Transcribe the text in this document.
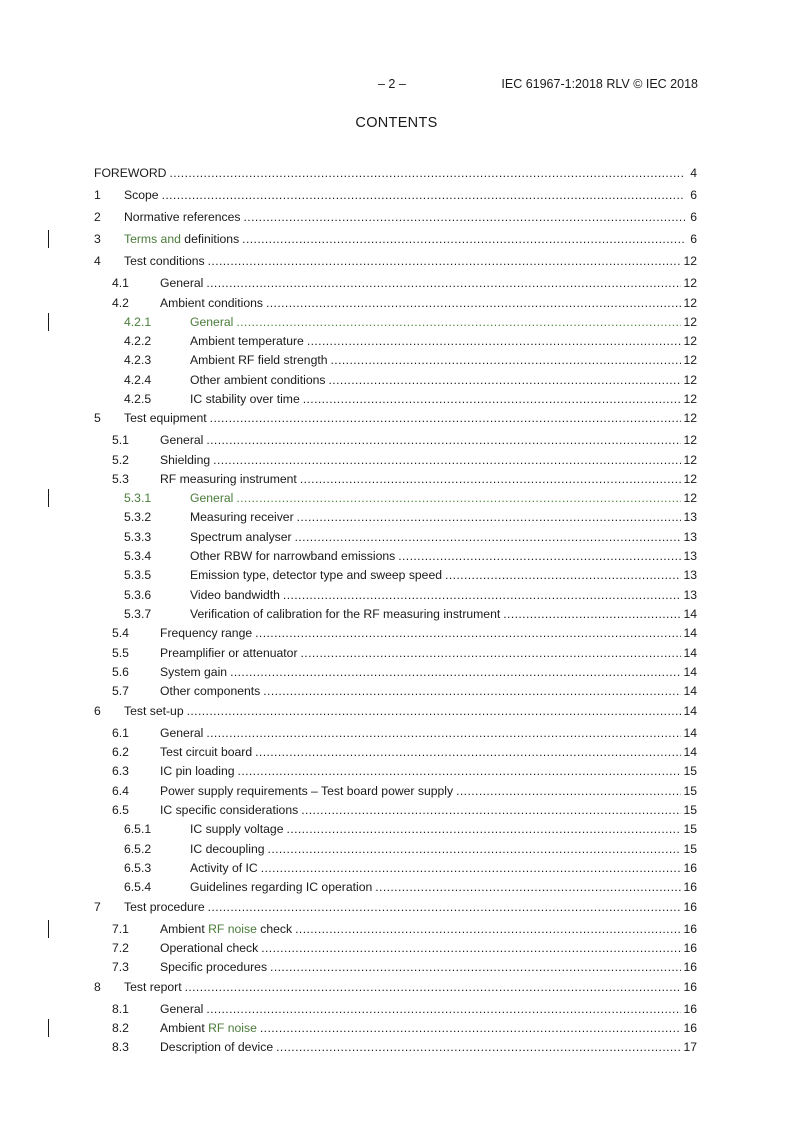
– 2 –	IEC 61967-1:2018 RLV © IEC 2018
CONTENTS
FOREWORD .....	4
1 Scope .....	6
2 Normative references .....	6
3 Terms and definitions .....	6
4 Test conditions .....	12
4.1	General .....	12
4.2	Ambient conditions .....	12
4.2.1	General .....	12
4.2.2	Ambient temperature .....	12
4.2.3	Ambient RF field strength .....	12
4.2.4	Other ambient conditions .....	12
4.2.5	IC stability over time .....	12
5 Test equipment .....	12
5.1	General .....	12
5.2	Shielding .....	12
5.3	RF measuring instrument .....	12
5.3.1	General .....	12
5.3.2	Measuring receiver .....	13
5.3.3	Spectrum analyser .....	13
5.3.4	Other RBW for narrowband emissions .....	13
5.3.5	Emission type, detector type and sweep speed .....	13
5.3.6	Video bandwidth .....	13
5.3.7	Verification of calibration for the RF measuring instrument .....	14
5.4	Frequency range .....	14
5.5	Preamplifier or attenuator .....	14
5.6	System gain .....	14
5.7	Other components .....	14
6 Test set-up .....	14
6.1	General .....	14
6.2	Test circuit board .....	14
6.3	IC pin loading .....	15
6.4	Power supply requirements – Test board power supply .....	15
6.5	IC specific considerations .....	15
6.5.1	IC supply voltage .....	15
6.5.2	IC decoupling .....	15
6.5.3	Activity of IC .....	16
6.5.4	Guidelines regarding IC operation .....	16
7 Test procedure .....	16
7.1	Ambient RF noise check .....	16
7.2	Operational check .....	16
7.3	Specific procedures .....	16
8 Test report .....	16
8.1	General .....	16
8.2	Ambient RF noise .....	16
8.3	Description of device .....	17
